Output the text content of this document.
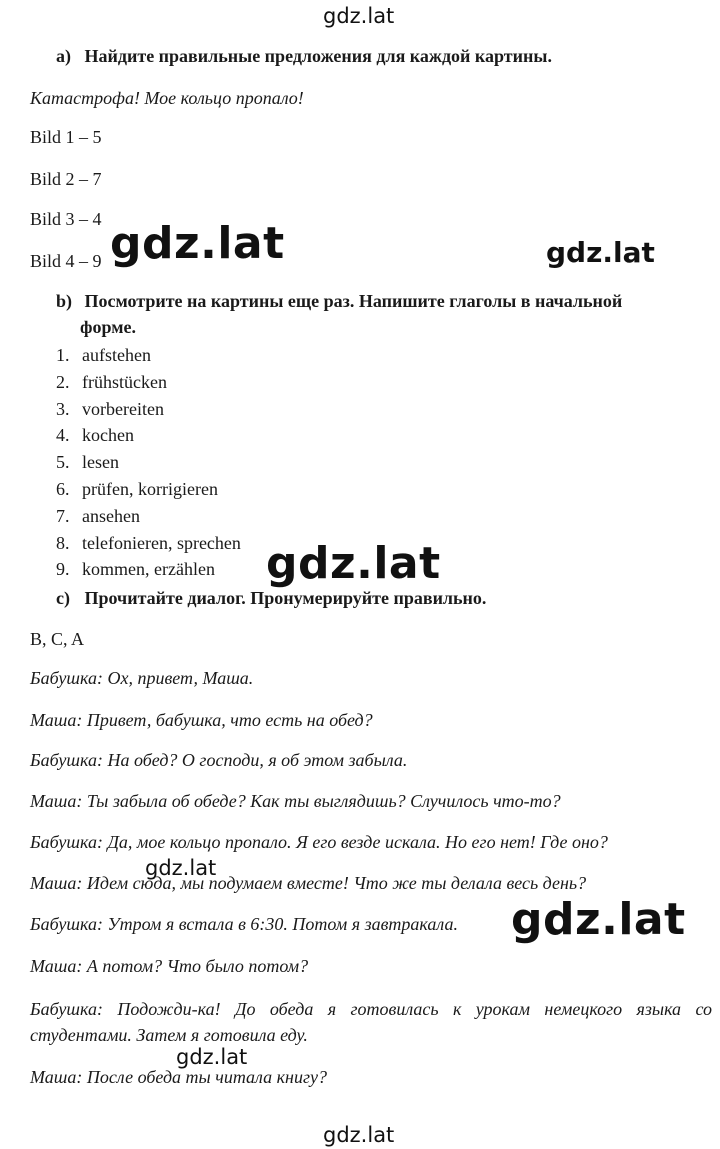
gdz.lat
a) Найдите правильные предложения для каждой картины.
Катастрофа! Мое кольцо пропало!
Bild 1 – 5
Bild 2 – 7
Bild 3 – 4
Bild 4 – 9 gdz.lat	gdz.lat
b) Посмотрите на картины еще раз. Напишите глаголы в начальной
форме.
1. aufstehen
2. frühstücken
3. vorbereiten
4. kochen
5. lesen
6. prüfen, korrigieren
7. ansehen
8. telefonieren, sprechen
9. kommen, erzählen
c) Прочитайте диалог. Пронумерируйте правильно.
gdz.lat
B, C, A
Бабушка: Ох, привет, Маша.
Маша: Привет, бабушка, что есть на обед?
Бабушка: На обед? О господи, я об этом забыла.
Маша: Ты забыла об обеде? Как ты выглядишь? Случилось что-то?
Бабушка: Да, мое кольцо пропало. Я его везде искала. Но его нет! Где оно?
Маша: Идем сюда, мы подумаем вместе! Что же ты делала весь день?
Бабушка: Утром я встала в 6:30. Потом я завтракала.
Маша: А потом? Что было потом?
Бабушка: Подожди-ка! До обеда я готовилась к урокам немецкого языка со студентами. Затем я готовила еду.
Маша: После обеда ты читала книгу?
gdz.lat
gdz.lat
gdz.lat
gdz.lat
